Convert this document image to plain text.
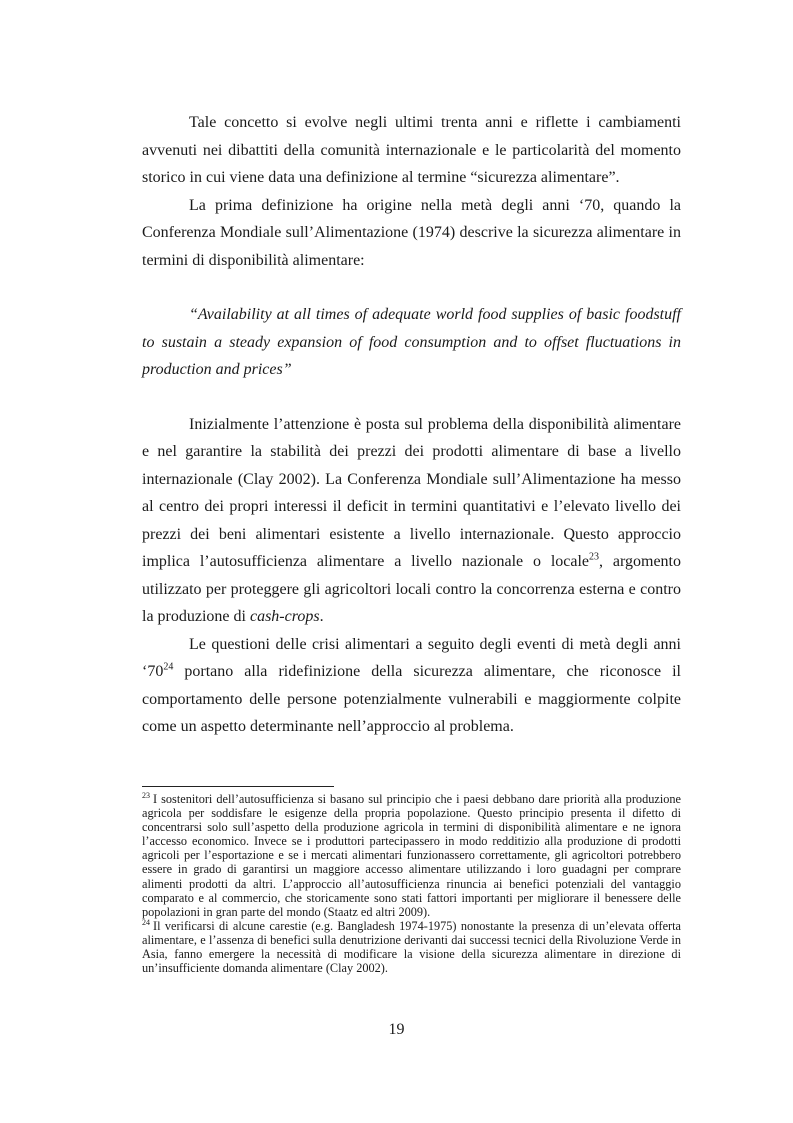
Tale concetto si evolve negli ultimi trenta anni e riflette i cambiamenti avvenuti nei dibattiti della comunità internazionale e le particolarità del momento storico in cui viene data una definizione al termine “sicurezza alimentare”.

La prima definizione ha origine nella metà degli anni ‘70, quando la Conferenza Mondiale sull’Alimentazione (1974) descrive la sicurezza alimentare in termini di disponibilità alimentare:

“Availability at all times of adequate world food supplies of basic foodstuff to sustain a steady expansion of food consumption and to offset fluctuations in production and prices”

Inizialmente l’attenzione è posta sul problema della disponibilità alimentare e nel garantire la stabilità dei prezzi dei prodotti alimentare di base a livello internazionale (Clay 2002). La Conferenza Mondiale sull’Alimentazione ha messo al centro dei propri interessi il deficit in termini quantitativi e l’elevato livello dei prezzi dei beni alimentari esistente a livello internazionale. Questo approccio implica l’autosufficienza alimentare a livello nazionale o locale$^{23}$, argomento utilizzato per proteggere gli agricoltori locali contro la concorrenza esterna e contro la produzione di cash-crops.

Le questioni delle crisi alimentari a seguito degli eventi di metà degli anni ‘$70^{24}$ portano alla ridefinizione della sicurezza alimentare, che riconosce il comportamento delle persone potenzialmente vulnerabili e maggiormente colpite come un aspetto determinante nell’approccio al problema.

$^{23}$ I sostenitori dell’autosufficienza si basano sul principio che i paesi debbano dare priorità alla produzione agricola per soddisfare le esigenze della propria popolazione. Questo principio presenta il difetto di concentrarsi solo sull’aspetto della produzione agricola in termini di disponibilità alimentare e ne ignora l’accesso economico. Invece se i produttori partecipassero in modo redditizio alla produzione di prodotti agricoli per l’esportazione e se i mercati alimentari funzionassero correttamente, gli agricoltori potrebbero essere in grado di garantirsi un maggiore accesso alimentare utilizzando i loro guadagni per comprare alimenti prodotti da altri. L’approccio all’autosufficienza rinuncia ai benefici potenziali del vantaggio comparato e al commercio, che storicamente sono stati fattori importanti per migliorare il benessere delle popolazioni in gran parte del mondo (Staatz ed altri 2009).

$^{24}$ Il verificarsi di alcune carestie (e.g. Bangladesh 1974-1975) nonostante la presenza di un’elevata offerta alimentare, e l’assenza di benefici sulla denutrizione derivanti dai successi tecnici della Rivoluzione Verde in Asia, fanno emergere la necessità di modificare la visione della sicurezza alimentare in direzione di un’insufficiente domanda alimentare (Clay 2002).

19
